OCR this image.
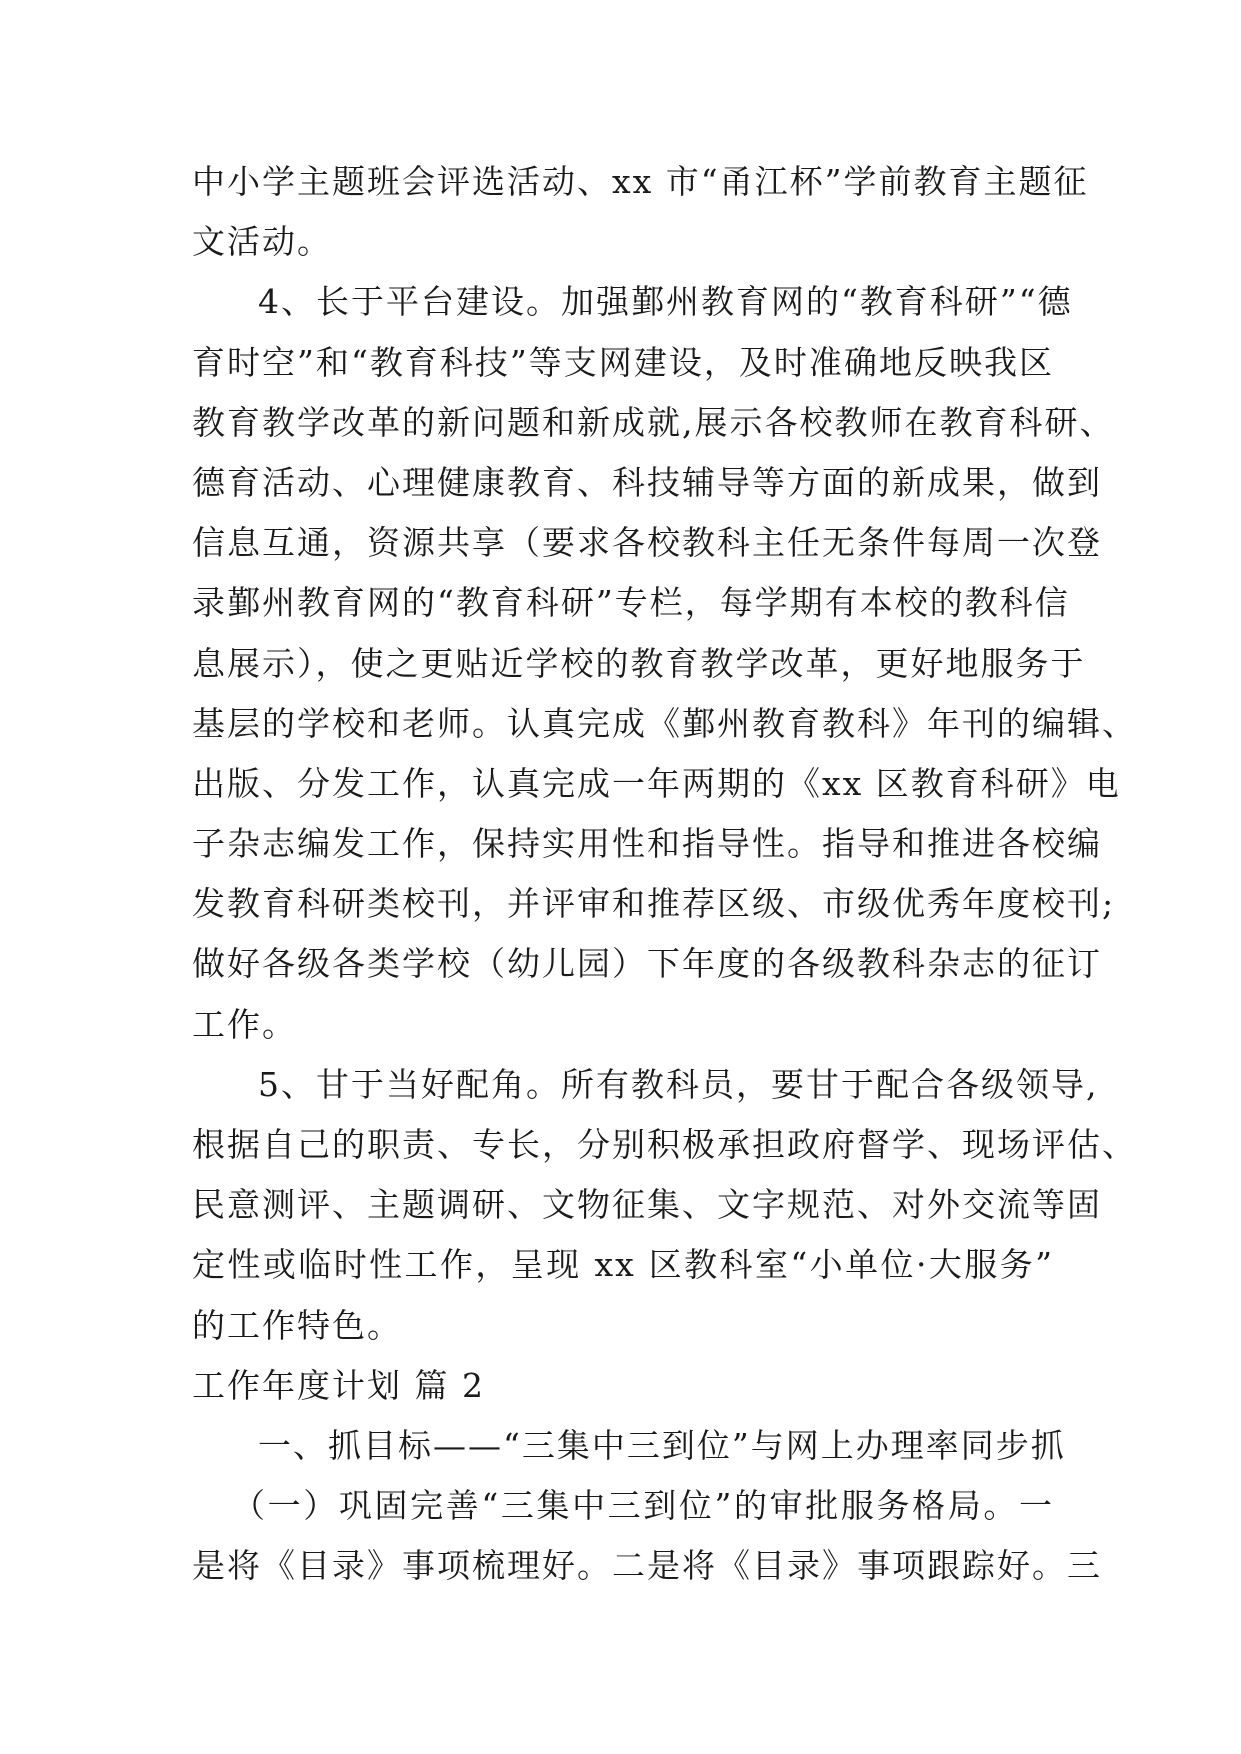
中小学主题班会评选活动、xx 市“甬江杯”学前教育主题征
文活动。
4、长于平台建设。加强鄞州教育网的“教育科研”“德
育时空”和“教育科技”等支网建设，及时准确地反映我区
教育教学改革的新问题和新成就,展示各校教师在教育科研、
德育活动、心理健康教育、科技辅导等方面的新成果，做到
信息互通，资源共享（要求各校教科主任无条件每周一次登
录鄞州教育网的“教育科研”专栏，每学期有本校的教科信
息展示），使之更贴近学校的教育教学改革，更好地服务于
基层的学校和老师。认真完成《鄞州教育教科》年刊的编辑、
出版、分发工作，认真完成一年两期的《xx 区教育科研》电
子杂志编发工作，保持实用性和指导性。指导和推进各校编
发教育科研类校刊，并评审和推荐区级、市级优秀年度校刊;
做好各级各类学校（幼儿园）下年度的各级教科杂志的征订
工作。
5、甘于当好配角。所有教科员，要甘于配合各级领导,
根据自己的职责、专长，分别积极承担政府督学、现场评估、
民意测评、主题调研、文物征集、文字规范、对外交流等固
定性或临时性工作，呈现 xx 区教科室“小单位·大服务”
的工作特色。
工作年度计划 篇 2
一、抓目标——“三集中三到位”与网上办理率同步抓
（一）巩固完善“三集中三到位”的审批服务格局。一
是将《目录》事项梳理好。二是将《目录》事项跟踪好。三
